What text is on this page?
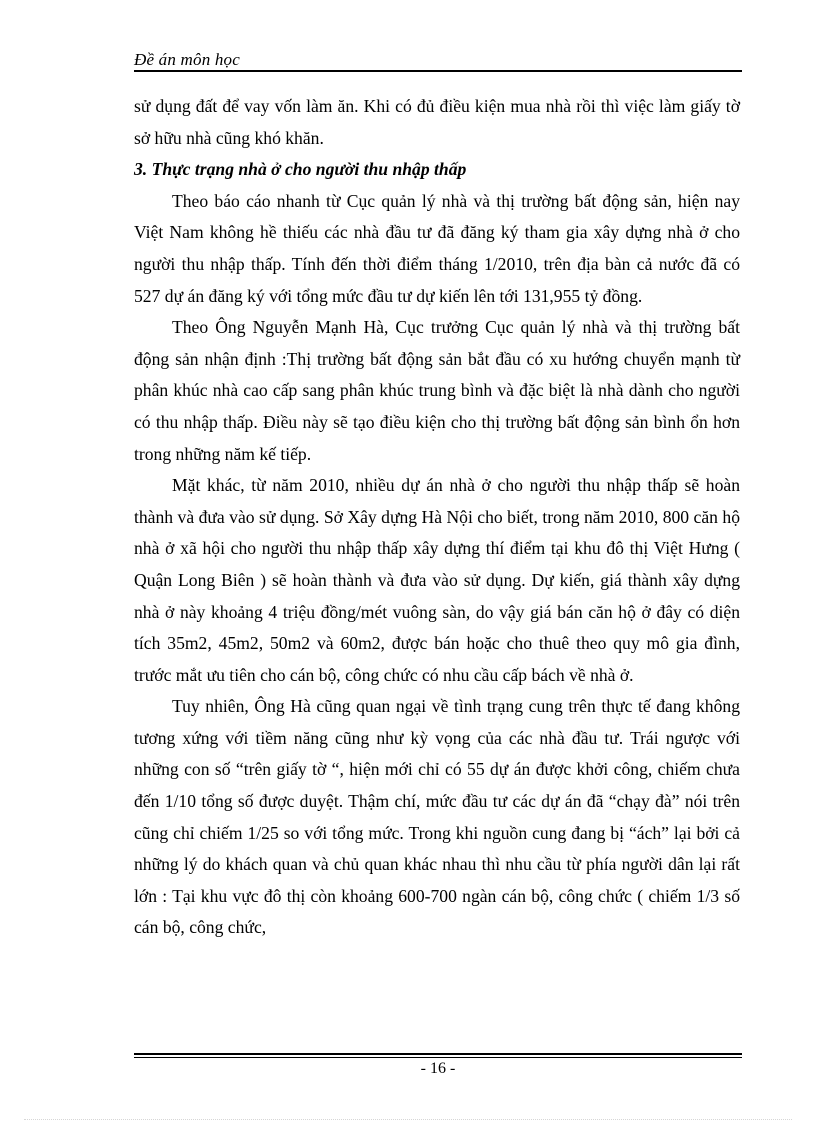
Đề án môn học

sử dụng đất để vay vốn làm ăn. Khi có đủ điều kiện mua nhà rồi thì việc làm giấy tờ sở hữu nhà cũng khó khăn.

3. Thực trạng nhà ở cho người thu nhập thấp

Theo báo cáo nhanh từ Cục quản lý nhà và thị trường bất động sản, hiện nay Việt Nam không hề thiếu các nhà đầu tư đã đăng ký tham gia xây dựng nhà ở cho người thu nhập thấp. Tính đến thời điểm tháng 1/2010, trên địa bàn cả nước đã có 527 dự án đăng ký với tổng mức đầu tư dự kiến lên tới 131,955 tỷ đồng.

Theo Ông Nguyễn Mạnh Hà, Cục trưởng Cục quản lý nhà và thị trường bất động sản nhận định :Thị trường bất động sản bắt đầu có xu hướng chuyển mạnh từ phân khúc nhà cao cấp sang phân khúc trung bình và đặc biệt là nhà dành cho người có thu nhập thấp. Điều này sẽ tạo điều kiện cho thị trường bất động sản bình ổn hơn trong những năm kế tiếp.

Mặt khác, từ năm 2010, nhiều dự án nhà ở cho người thu nhập thấp sẽ hoàn thành và đưa vào sử dụng. Sở Xây dựng Hà Nội cho biết, trong năm 2010, 800 căn hộ nhà ở xã hội cho người thu nhập thấp xây dựng thí điểm tại khu đô thị Việt Hưng ( Quận Long Biên ) sẽ hoàn thành và đưa vào sử dụng. Dự kiến, giá thành xây dựng nhà ở này khoảng 4 triệu đồng/mét vuông sàn, do vậy giá bán căn hộ ở đây có diện tích 35m2, 45m2, 50m2 và 60m2, được bán hoặc cho thuê theo quy mô gia đình, trước mắt ưu tiên cho cán bộ, công chức có nhu cầu cấp bách về nhà ở.

Tuy nhiên, Ông Hà cũng quan ngại về tình trạng cung trên thực tế đang không tương xứng với tiềm năng cũng như kỳ vọng của các nhà đầu tư. Trái ngược với những con số “trên giấy tờ “, hiện mới chỉ có 55 dự án được khởi công, chiếm chưa đến 1/10 tổng số được duyệt. Thậm chí, mức đầu tư các dự án đã “chạy đà” nói trên cũng chỉ chiếm 1/25 so với tổng mức. Trong khi nguồn cung đang bị “ách” lại bởi cả những lý do khách quan và chủ quan khác nhau thì nhu cầu từ phía người dân lại rất lớn : Tại khu vực đô thị còn khoảng 600-700 ngàn cán bộ, công chức ( chiếm 1/3 số cán bộ, công chức,

- 16 -
